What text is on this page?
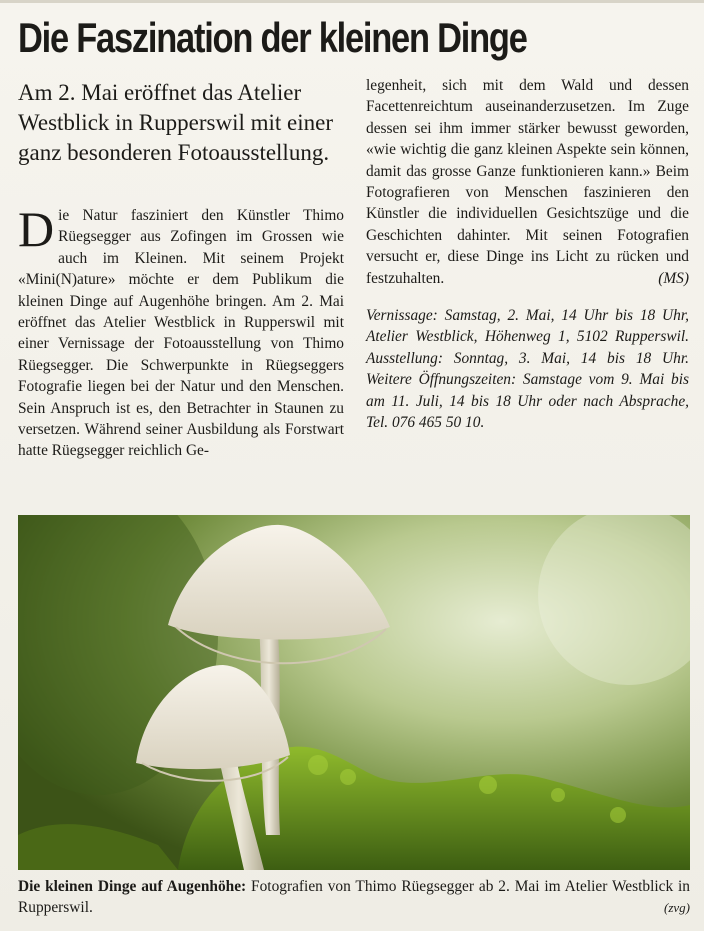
Die Faszination der kleinen Dinge
Am 2. Mai eröffnet das Atelier Westblick in Rupperswil mit einer ganz besonderen Fotoausstellung.
Die Natur fasziniert den Künstler Thimo Rüegsegger aus Zofingen im Grossen wie auch im Kleinen. Mit seinem Projekt «Mini(N)ature» möchte er dem Publikum die kleinen Dinge auf Augenhöhe bringen. Am 2. Mai eröffnet das Atelier Westblick in Rupperswil mit einer Vernissage der Fotoausstellung von Thimo Rüegsegger. Die Schwerpunkte in Rüegseggers Fotografie liegen bei der Natur und den Menschen. Sein Anspruch ist es, den Betrachter in Staunen zu versetzen. Während seiner Ausbildung als Forstwart hatte Rüegsegger reichlich Ge-
legenheit, sich mit dem Wald und dessen Facettenreichtum auseinanderzusetzen. Im Zuge dessen sei ihm immer stärker bewusst geworden, «wie wichtig die ganz kleinen Aspekte sein können, damit das grosse Ganze funktionieren kann.» Beim Fotografieren von Menschen faszinieren den Künstler die individuellen Gesichtszüge und die Geschichten dahinter. Mit seinen Fotografien versucht er, diese Dinge ins Licht zu rücken und festzuhalten.	(MS)
Vernissage: Samstag, 2. Mai, 14 Uhr bis 18 Uhr, Atelier Westblick, Höhenweg 1, 5102 Rupperswil. Ausstellung: Sonntag, 3. Mai, 14 bis 18 Uhr. Weitere Öffnungszeiten: Samstage vom 9. Mai bis am 11. Juli, 14 bis 18 Uhr oder nach Absprache, Tel. 076 465 50 10.
Die kleinen Dinge auf Augenhöhe: Fotografien von Thimo Rüegsegger ab 2. Mai im Atelier Westblick in Rupperswil.	(zvg)
